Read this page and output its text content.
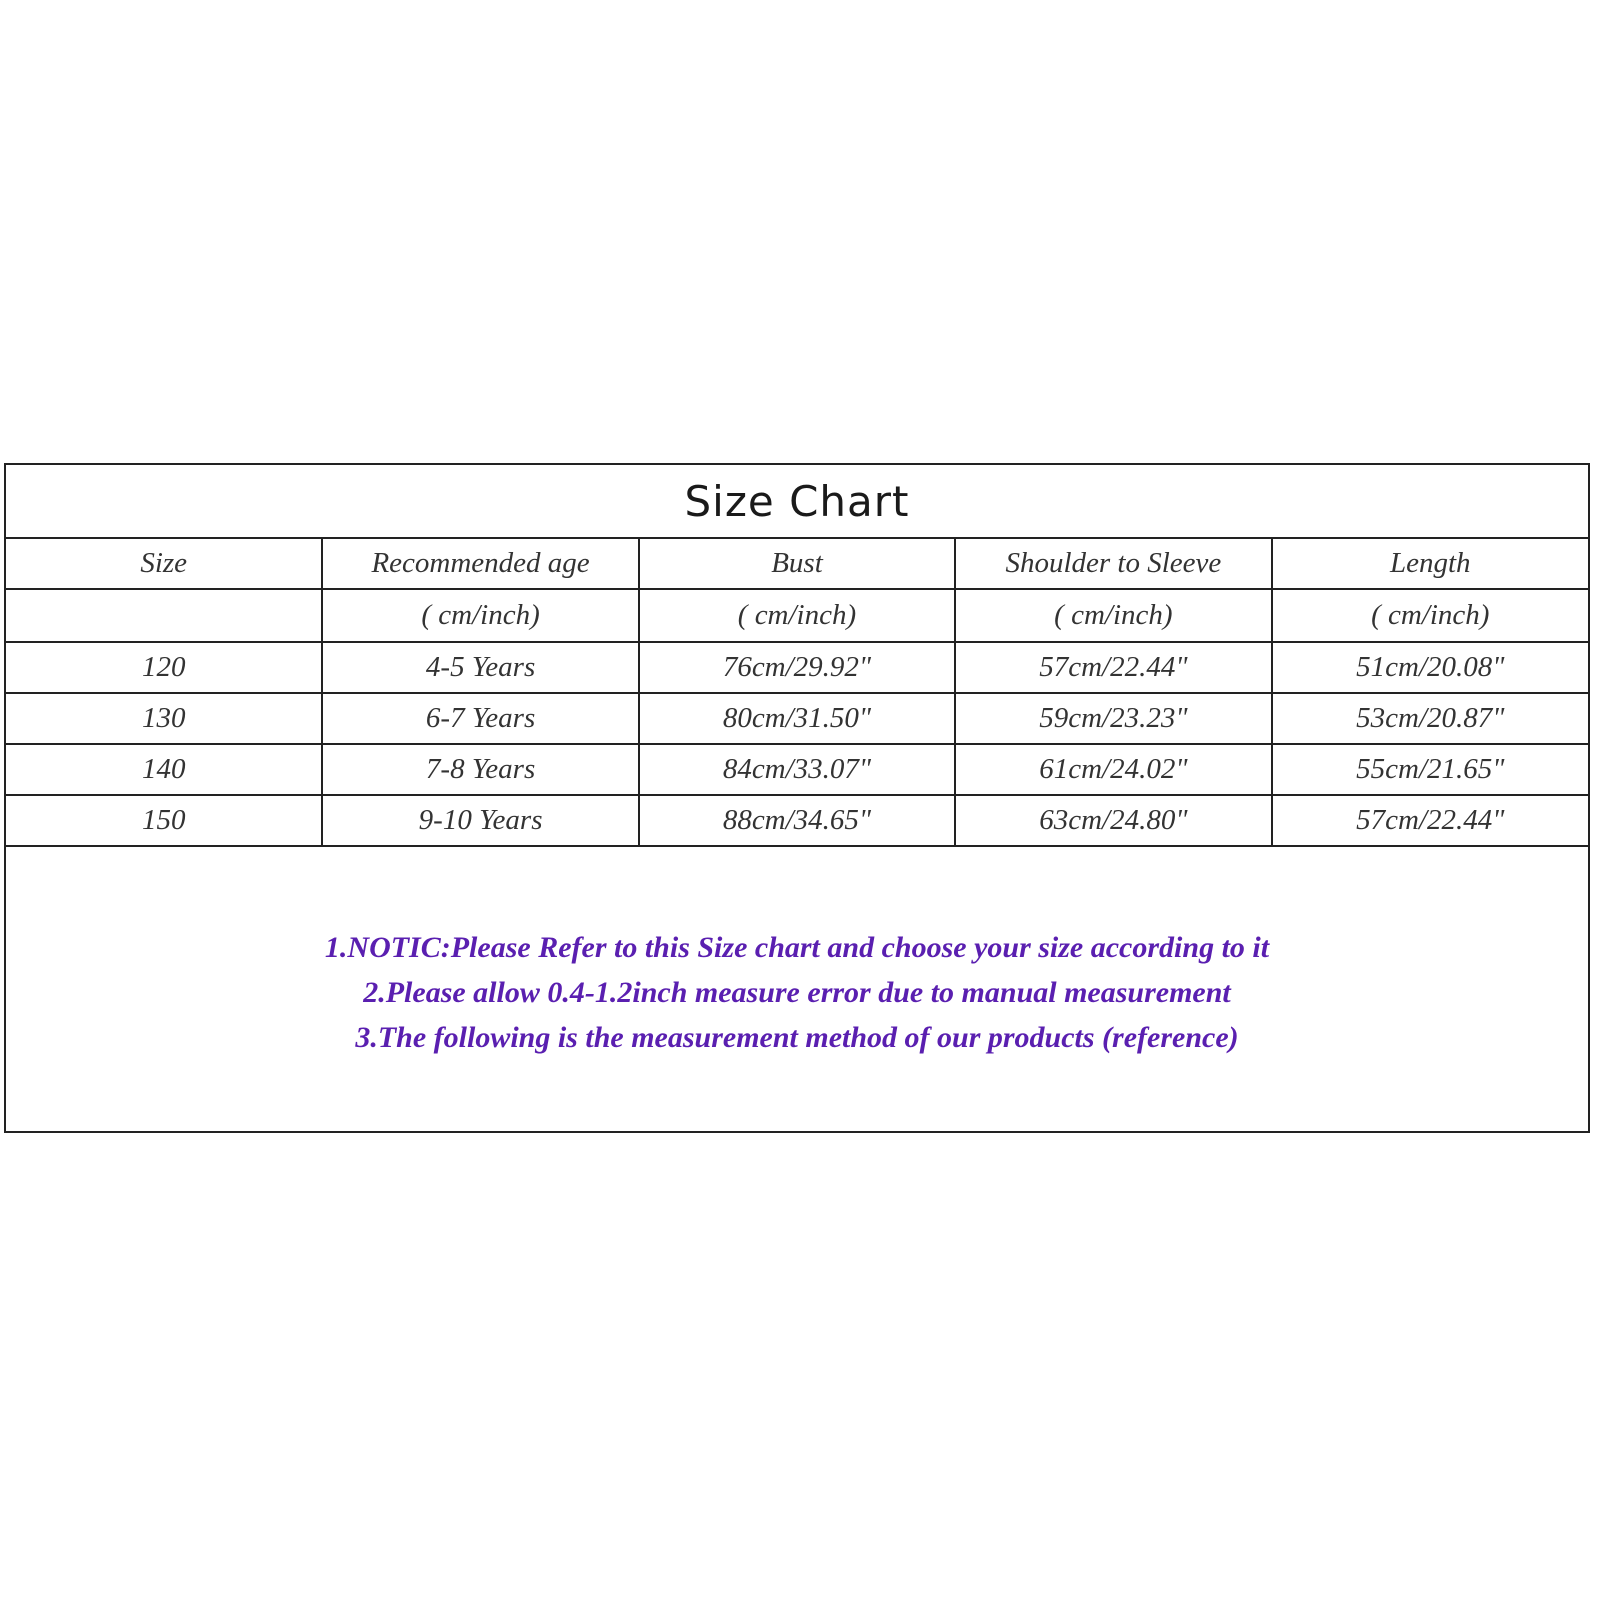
Size Chart
Size	Recommended age	Bust	Shoulder to Sleeve	Length
	( cm/inch)	( cm/inch)	( cm/inch)	( cm/inch)
120	4-5 Years	76cm/29.92"	57cm/22.44"	51cm/20.08"
130	6-7 Years	80cm/31.50"	59cm/23.23"	53cm/20.87"
140	7-8 Years	84cm/33.07"	61cm/24.02"	55cm/21.65"
150	9-10 Years	88cm/34.65"	63cm/24.80"	57cm/22.44"
1.NOTIC:Please Refer to this Size chart and choose your size according to it
2.Please allow 0.4-1.2inch measure error due to manual measurement
3.The following is the measurement method of our products (reference)
